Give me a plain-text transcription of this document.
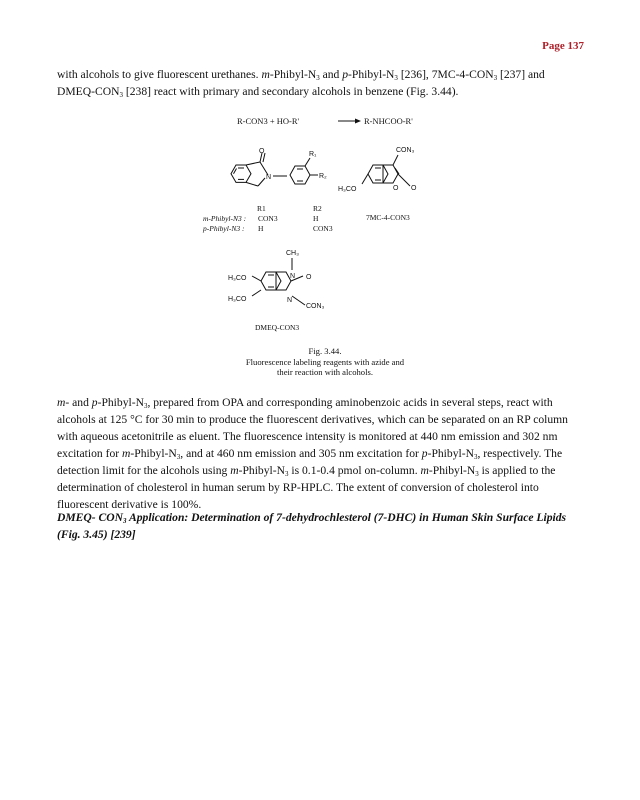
Page 137

with alcohols to give fluorescent urethanes. $m-Phibyl-N_3$ and $p-Phibyl-N_3$ [236], $7MC-4-CON_3$ [237] and DMEQ-$CON_3$ [238] react with primary and secondary alcohols in benzene (Fig. 3.44).

R-CON3 + HO-R'	R-NHCOO-R'
O
N
R₁
R₂
R1	R2
m-Phibyl-N3 : CON3	H
p-Phibyl-N3 : H	CON3
CON₃
H₃CO	O O
7MC-4-CON3
CH₃
H₃CO
H₃CO
N O
N
CON₃
DMEQ-CON3
Fig. 3.44.
Fluorescence labeling reagents with azide and
their reaction with alcohols.

m- and $p-Phibyl-N_3$, prepared from OPA and corresponding aminobenzoic acids in several steps, react with alcohols at 125 °C for 30 min to produce the fluorescent derivatives, which can be separated on an RP column with aqueous acetonitrile as eluent. The fluorescence intensity is monitored at 440 nm emission and 302 nm excitation for $m-Phibyl-N_3$, and at 460 nm emission and 305 nm excitation for $p-Phibyl-N_3$, respectively. The detection limit for the alcohols using $m-Phibyl-N_3$ is 0.1-0.4 pmol on-column. $m-Phibyl-N_3$ is applied to the determination of cholesterol in human serum by RP-HPLC. The extent of conversion of cholesterol into fluorescent derivative is 100%.

DMEQ- $CON_3$ Application: Determination of 7-dehydrochlesterol (7-DHC) in Human Skin Surface Lipids (Fig. 3.45) [239]
